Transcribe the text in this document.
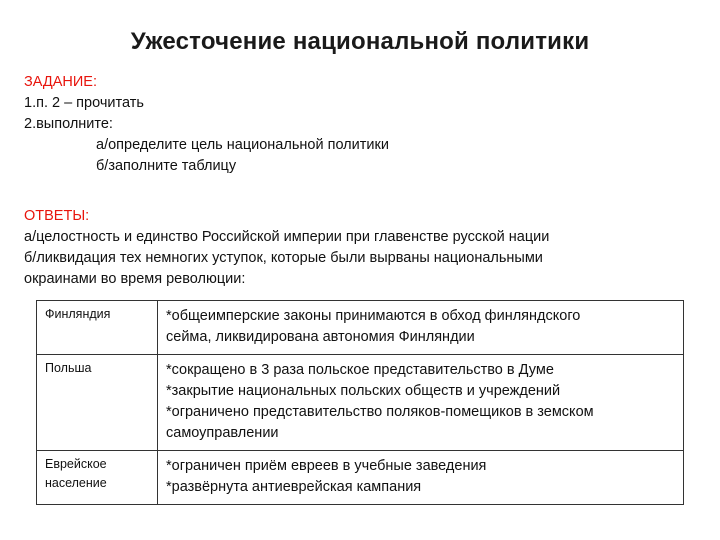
Ужесточение национальной политики
ЗАДАНИЕ:
1.п. 2 – прочитать
2.выполните:
а/определите цель национальной политики
б/заполните таблицу
ОТВЕТЫ:
а/целостность и единство Российской империи при главенстве русской нации
б/ликвидация тех немногих уступок, которые были вырваны национальными
окраинами во время революции:
Финляндия	*общеимперские законы принимаются в обход финляндского
сейма, ликвидирована автономия Финляндии

Польша	*сокращено в 3 раза польское представительство в Думе
*закрытие национальных польских обществ и учреждений
*ограничено представительство поляков-помещиков в земском
самоуправлении

Еврейское
население	*ограничен приём евреев в учебные заведения
*развёрнута антиеврейская кампания
